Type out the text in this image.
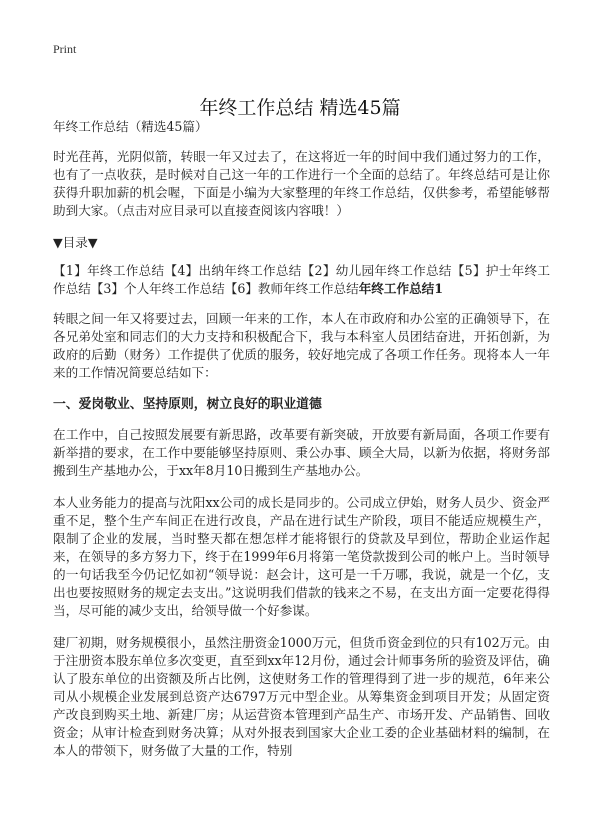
Print
年终工作总结 精选45篇

年终工作总结（精选45篇）

时光荏苒，光阴似箭，转眼一年又过去了，在这将近一年的时间中我们通过努力的工作，也有了一点收获，是时候对自己这一年的工作进行一个全面的总结了。年终总结可是让你获得升职加薪的机会喔，下面是小编为大家整理的年终工作总结，仅供参考，希望能够帮助到大家。（点击对应目录可以直接查阅该内容哦！）

▼目录▼

【1】年终工作总结【4】出纳年终工作总结【2】幼儿园年终工作总结【5】护士年终工作总结【3】个人年终工作总结【6】教师年终工作总结年终工作总结1

转眼之间一年又将要过去，回顾一年来的工作，本人在市政府和办公室的正确领导下，在各兄弟处室和同志们的大力支持和积极配合下，我与本科室人员团结奋进，开拓创新，为政府的后勤（财务）工作提供了优质的服务，较好地完成了各项工作任务。现将本人一年来的工作情况简要总结如下：

一、爱岗敬业、坚持原则，树立良好的职业道德

在工作中，自己按照发展要有新思路，改革要有新突破，开放要有新局面，各项工作要有新举措的要求，在工作中要能够坚持原则、秉公办事、顾全大局，以新为依据，将财务部搬到生产基地办公，于xx年8月10日搬到生产基地办公。

本人业务能力的提高与沈阳xx公司的成长是同步的。公司成立伊始，财务人员少、资金严重不足，整个生产车间正在进行改良，产品在进行试生产阶段，项目不能适应规模生产，限制了企业的发展，当时整天都在想怎样才能将银行的贷款及早到位，帮助企业运作起来，在领导的多方努力下，终于在1999年6月将第一笔贷款拨到公司的帐户上。当时领导的一句话我至今仍记忆如初“领导说：赵会计，这可是一千万哪，我说，就是一个亿，支出也要按照财务的规定去支出。”这说明我们借款的钱来之不易，在支出方面一定要花得得当，尽可能的减少支出，给领导做一个好参谋。

建厂初期，财务规模很小，虽然注册资金1000万元，但货币资金到位的只有102万元。由于注册资本股东单位多次变更，直至到xx年12月份，通过会计师事务所的验资及评估，确认了股东单位的出资额及所占比例，这使财务工作的管理得到了进一步的规范，6年来公司从小规模企业发展到总资产达6797万元中型企业。从筹集资金到项目开发；从固定资产改良到购买土地、新建厂房；从运营资本管理到产品生产、市场开发、产品销售、回收资金；从审计检查到财务决算；从对外报表到国家大企业工委的企业基础材料的编制，在本人的带领下，财务做了大量的工作，特别
